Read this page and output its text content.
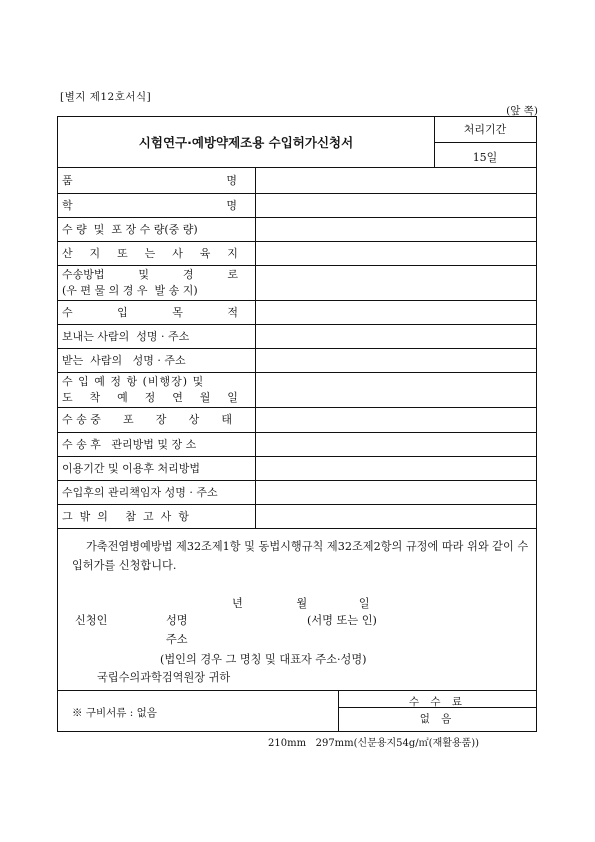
[별지 제12호서식]
(앞 쪽)
시험연구·예방약제조용 수입허가신청서
처리기간
15일
품	명
학	명
수 량  및  포 장 수 량(중 량)
산 지 또 는 사 육 지
수송방법	및	경	로
(우 편 물 의 경 우  발 송 지)
수	입	목	적
보내는 사람의  성명 · 주소
받는  사람의   성명 · 주소
수 입 예 정 항 (비행장) 및
도 착 예 정 연 월 일
수 송 중 포 장 상 태
수 송 후   관리방법 및 장 소
이용기간 및 이용후 처리방법
수입후의 관리책임자 성명 · 주소
그  밖  의     참  고  사  항
가축전염병예방법 제32조제1항 및 동법시행규칙 제32조제2항의 규정에 따라 위와 같이 수입허가를 신청합니다.
년	월	일
신청인	성명	(서명 또는 인)
주소
(법인의 경우 그 명칭 및 대표자 주소·성명)
국립수의과학검역원장 귀하
※ 구비서류 : 없음
수 수 료
없 음
210mm   297mm(신문용지54g/㎡(재활용품))
